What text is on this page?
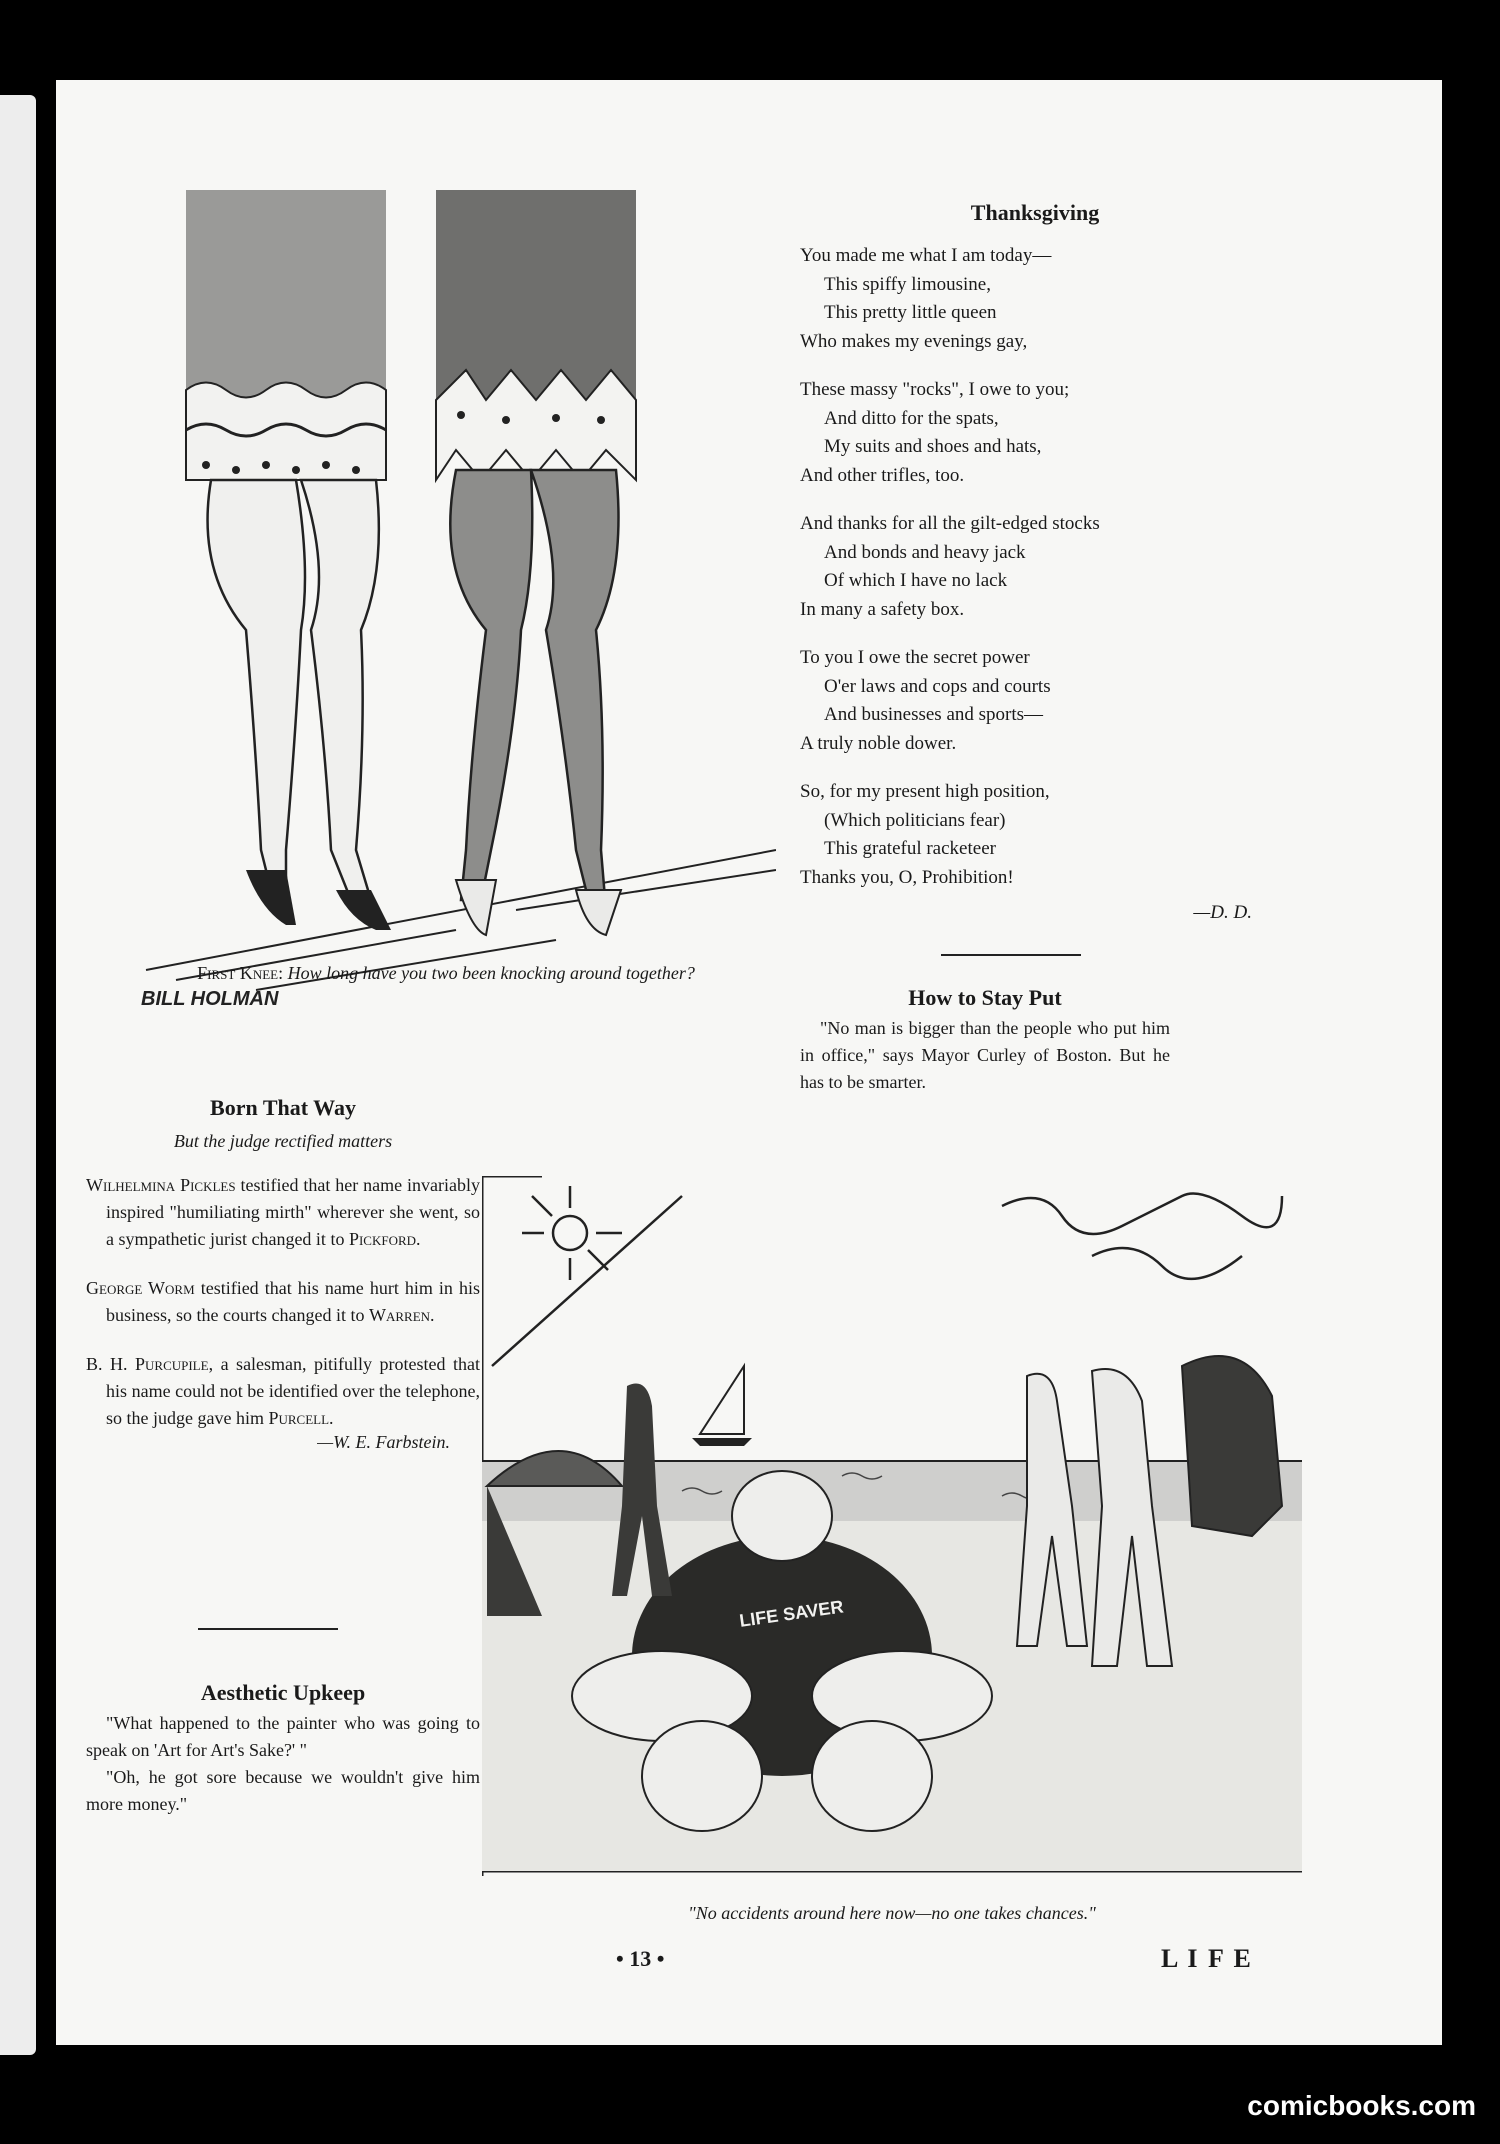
BILL HOLMAN
First Knee: How long have you two been knocking around together?
Thanksgiving
You made me what I am today—
This spiffy limousine,
This pretty little queen
Who makes my evenings gay,
These massy "rocks", I owe to you;
And ditto for the spats,
My suits and shoes and hats,
And other trifles, too.
And thanks for all the gilt-edged stocks
And bonds and heavy jack
Of which I have no lack
In many a safety box.
To you I owe the secret power
O'er laws and cops and courts
And businesses and sports—
A truly noble dower.
So, for my present high position,
(Which politicians fear)
This grateful racketeer
Thanks you, O, Prohibition!
—D. D.
How to Stay Put
"No man is bigger than the people who put him in office," says Mayor Curley of Boston. But he has to be smarter.
Born That Way
But the judge rectified matters

Wilhelmina Pickles testified that her name invariably inspired "humiliating mirth" wherever she went, so a sympathetic jurist changed it to Pickford.

George Worm testified that his name hurt him in his business, so the courts changed it to Warren.

B. H. Purcupile, a salesman, pitifully protested that his name could not be identified over the telephone, so the judge gave him Purcell.

—W. E. Farbstein.
Aesthetic Upkeep
"What happened to the painter who was going to speak on 'Art for Art's Sake?' "
"Oh, he got sore because we wouldn't give him more money."
LIFE SAVER
"No accidents around here now—no one takes chances."
• 13 •	L I F E
comicbooks.com
